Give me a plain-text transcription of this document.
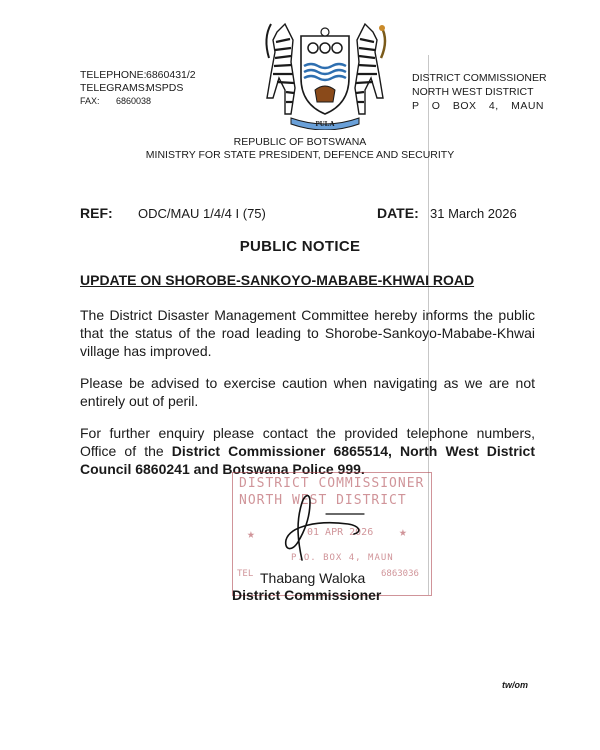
TELEPHONE: 6860431/2
TELEGRAMS:
MSPDS
FAX:	6860038
DISTRICT COMMISSIONER
NORTH WEST DISTRICT
P O BOX 4, MAUN
PULA
REPUBLIC OF BOTSWANA
MINISTRY FOR STATE PRESIDENT, DEFENCE AND SECURITY
REF: ODC/MAU 1/4/4 I (75)	DATE: 31 March 2026
PUBLIC NOTICE
UPDATE ON SHOROBE-SANKOYO-MABABE-KHWAI ROAD
The District Disaster Management Committee hereby informs the public that the status of the road leading to Shorobe-Sankoyo-Mababe-Khwai village has improved.
Please be advised to exercise caution when navigating as we are not entirely out of peril.
For further enquiry please contact the provided telephone numbers, Office of the District Commissioner 6865514, North West District Council 6860241 and Botswana Police 999.
DISTRICT COMMISSIONER
NORTH WEST DISTRICT
★	01 APR 2026 ★
P.O. BOX 4, MAUN
TEL	6863036
Thabang Waloka
District Commissioner
tw/om
